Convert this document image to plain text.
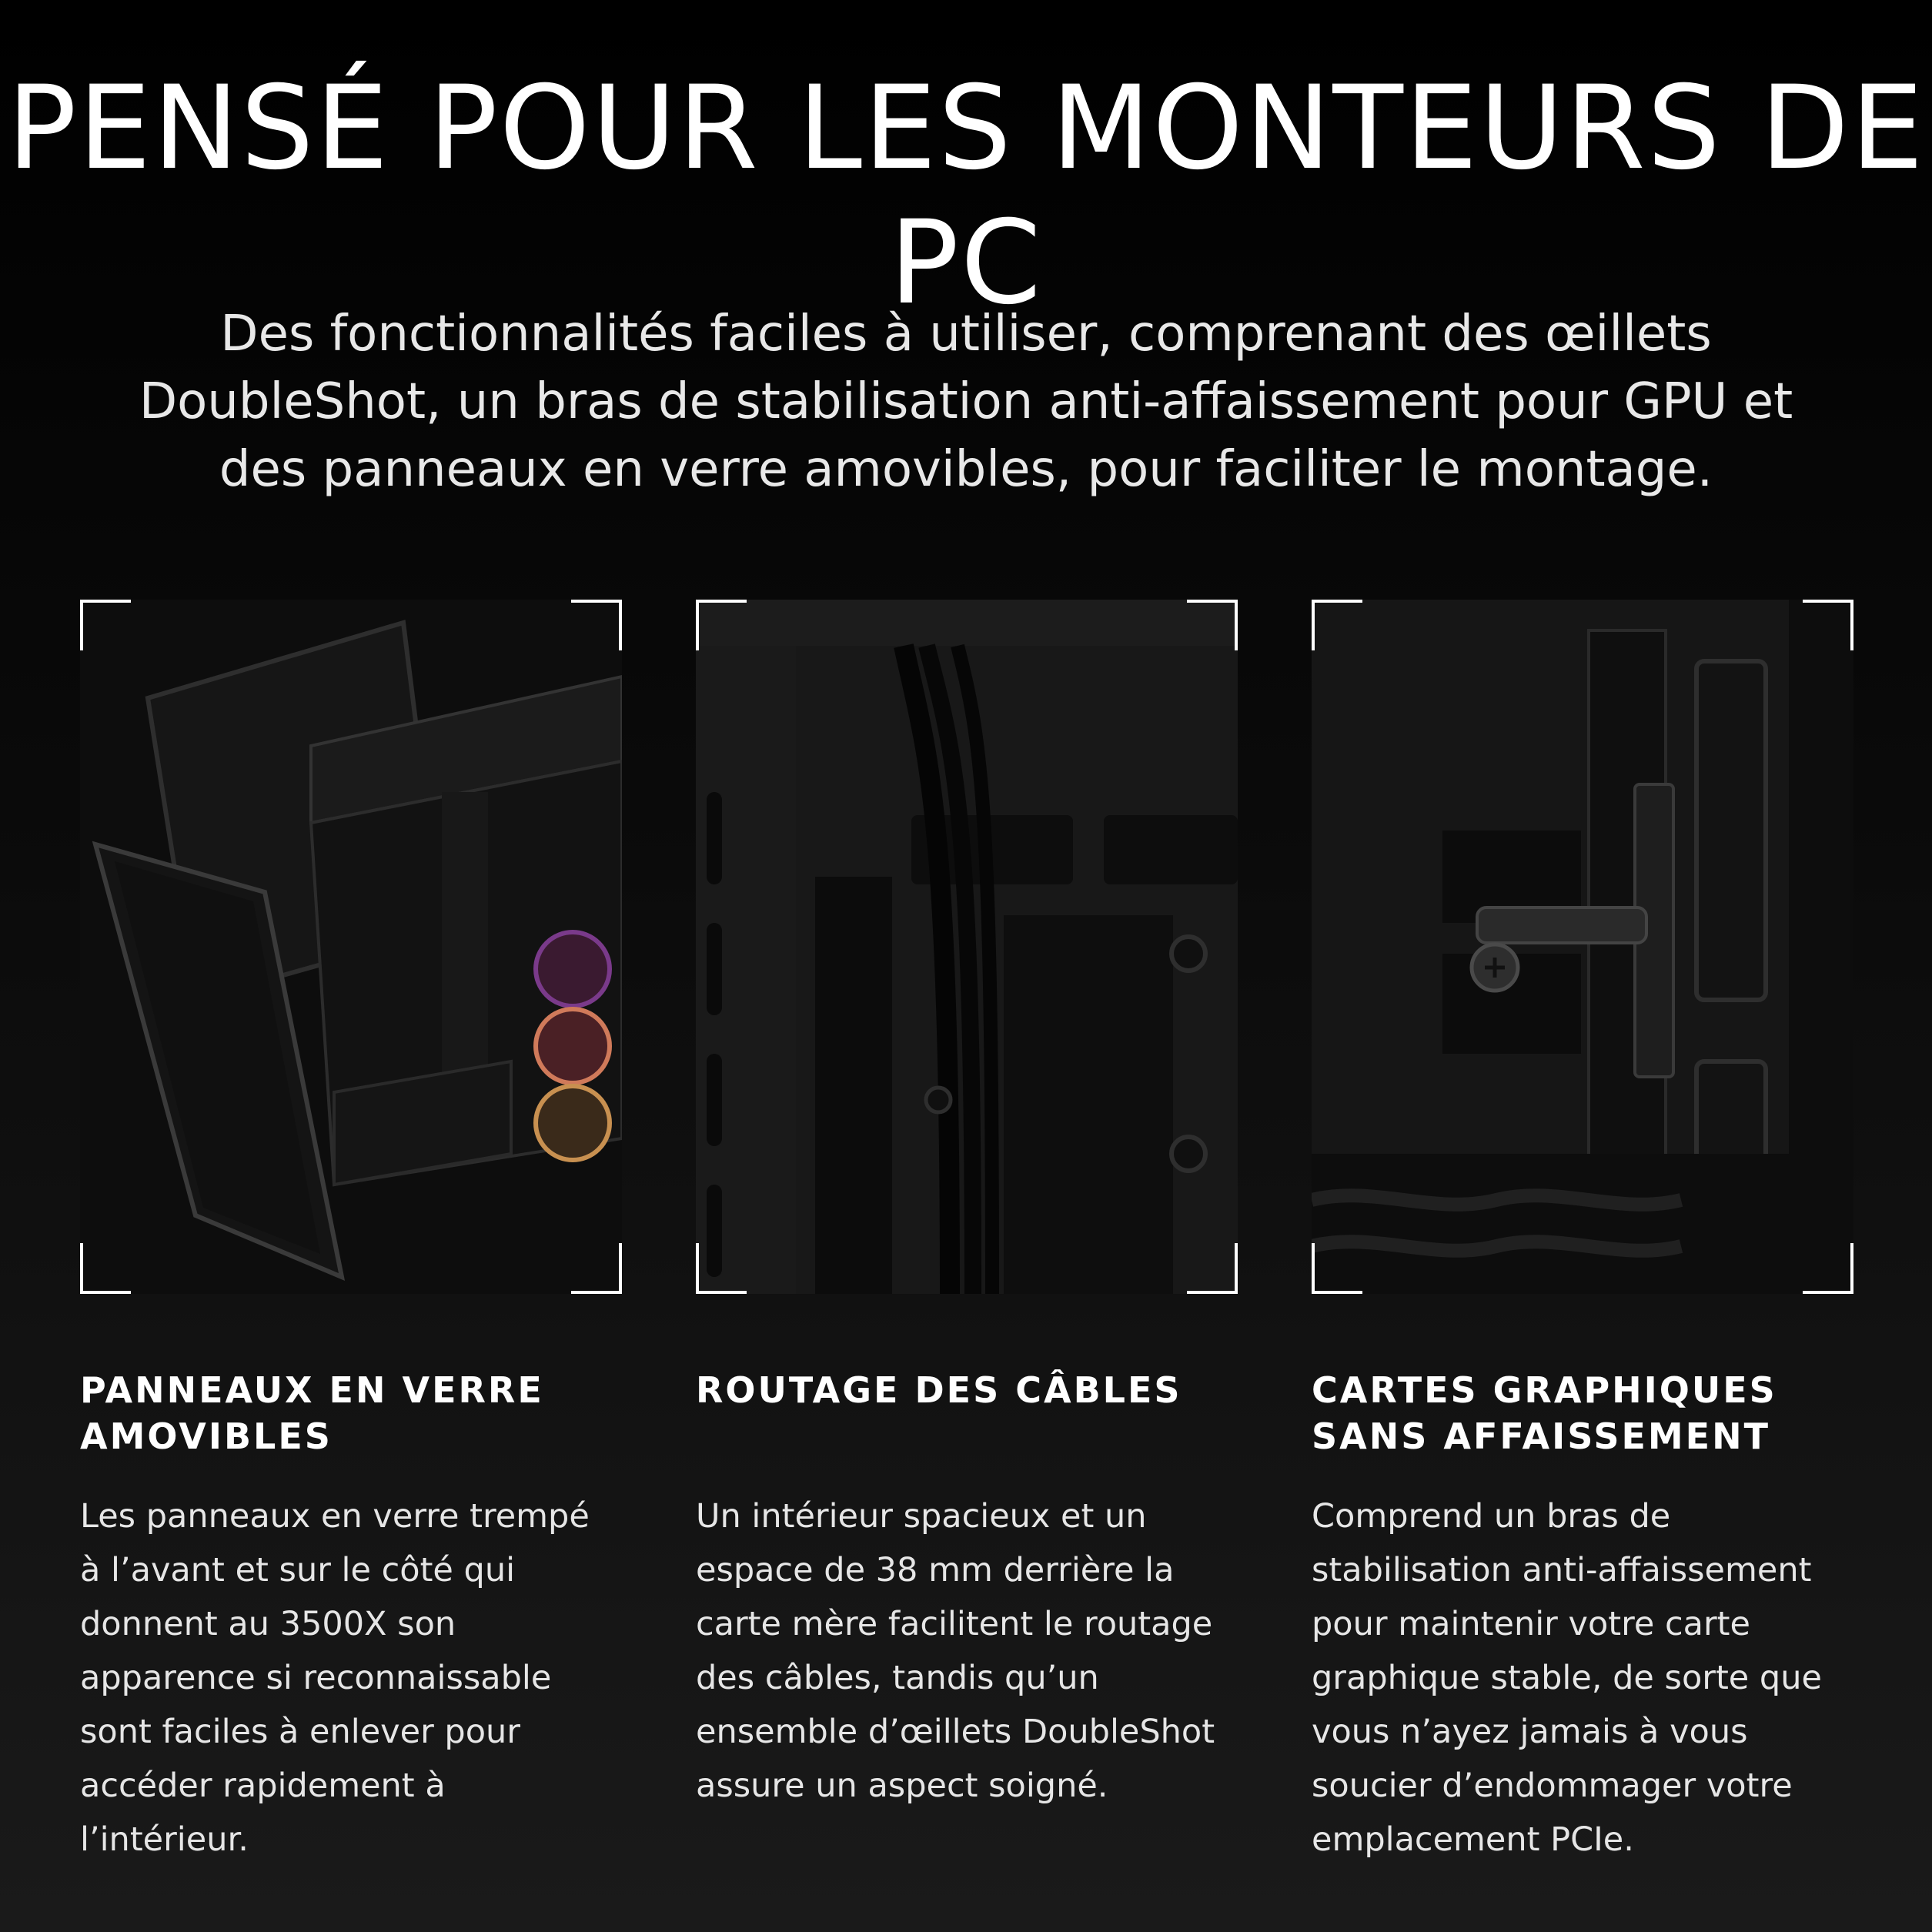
PENSÉ POUR LES MONTEURS DE PC

Des fonctionnalités faciles à utiliser, comprenant des œillets DoubleShot, un bras de stabilisation anti-affaissement pour GPU et des panneaux en verre amovibles, pour faciliter le montage.

PANNEAUX EN VERRE AMOVIBLES

Les panneaux en verre trempé à l’avant et sur le côté qui donnent au 3500X son apparence si reconnaissable sont faciles à enlever pour accéder rapidement à l’intérieur.

ROUTAGE DES CÂBLES

Un intérieur spacieux et un espace de 38 mm derrière la carte mère facilitent le routage des câbles, tandis qu’un ensemble d’œillets DoubleShot assure un aspect soigné.

CARTES GRAPHIQUES SANS AFFAISSEMENT

Comprend un bras de stabilisation anti-affaissement pour maintenir votre carte graphique stable, de sorte que vous n’ayez jamais à vous soucier d’endommager votre emplacement PCIe.
